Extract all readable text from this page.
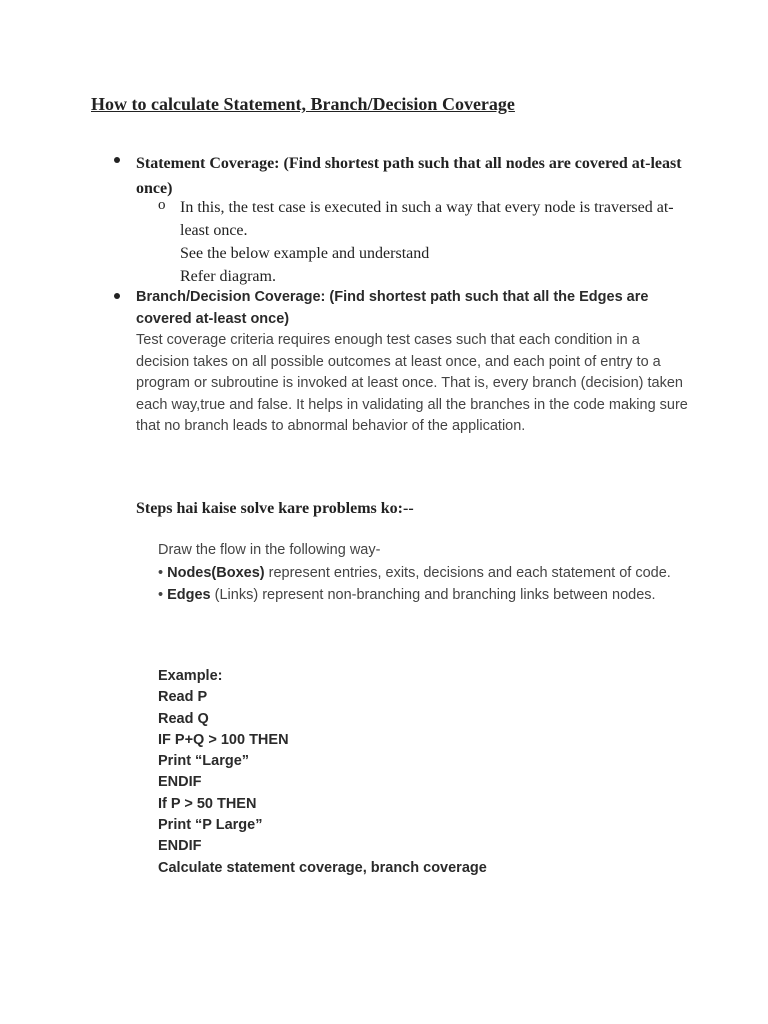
How to calculate Statement, Branch/Decision Coverage
Statement Coverage: (Find shortest path such that all nodes are covered at-least once)
o In this, the test case is executed in such a way that every node is traversed at-least once.
See the below example and understand
Refer diagram.
Branch/Decision Coverage: (Find shortest path such that all the Edges are covered at-least once)
Test coverage criteria requires enough test cases such that each condition in a decision takes on all possible outcomes at least once, and each point of entry to a program or subroutine is invoked at least once. That is, every branch (decision) taken each way,true and false. It helps in validating all the branches in the code making sure that no branch leads to abnormal behavior of the application.
Steps hai kaise solve kare problems ko:--
Draw the flow in the following way-
• Nodes(Boxes) represent entries, exits, decisions and each statement of code.
• Edges (Links) represent non-branching and branching links between nodes.
Example:
Read P
Read Q
IF P+Q > 100 THEN
Print “Large”
ENDIF
If P > 50 THEN
Print “P Large”
ENDIF
Calculate statement coverage, branch coverage
